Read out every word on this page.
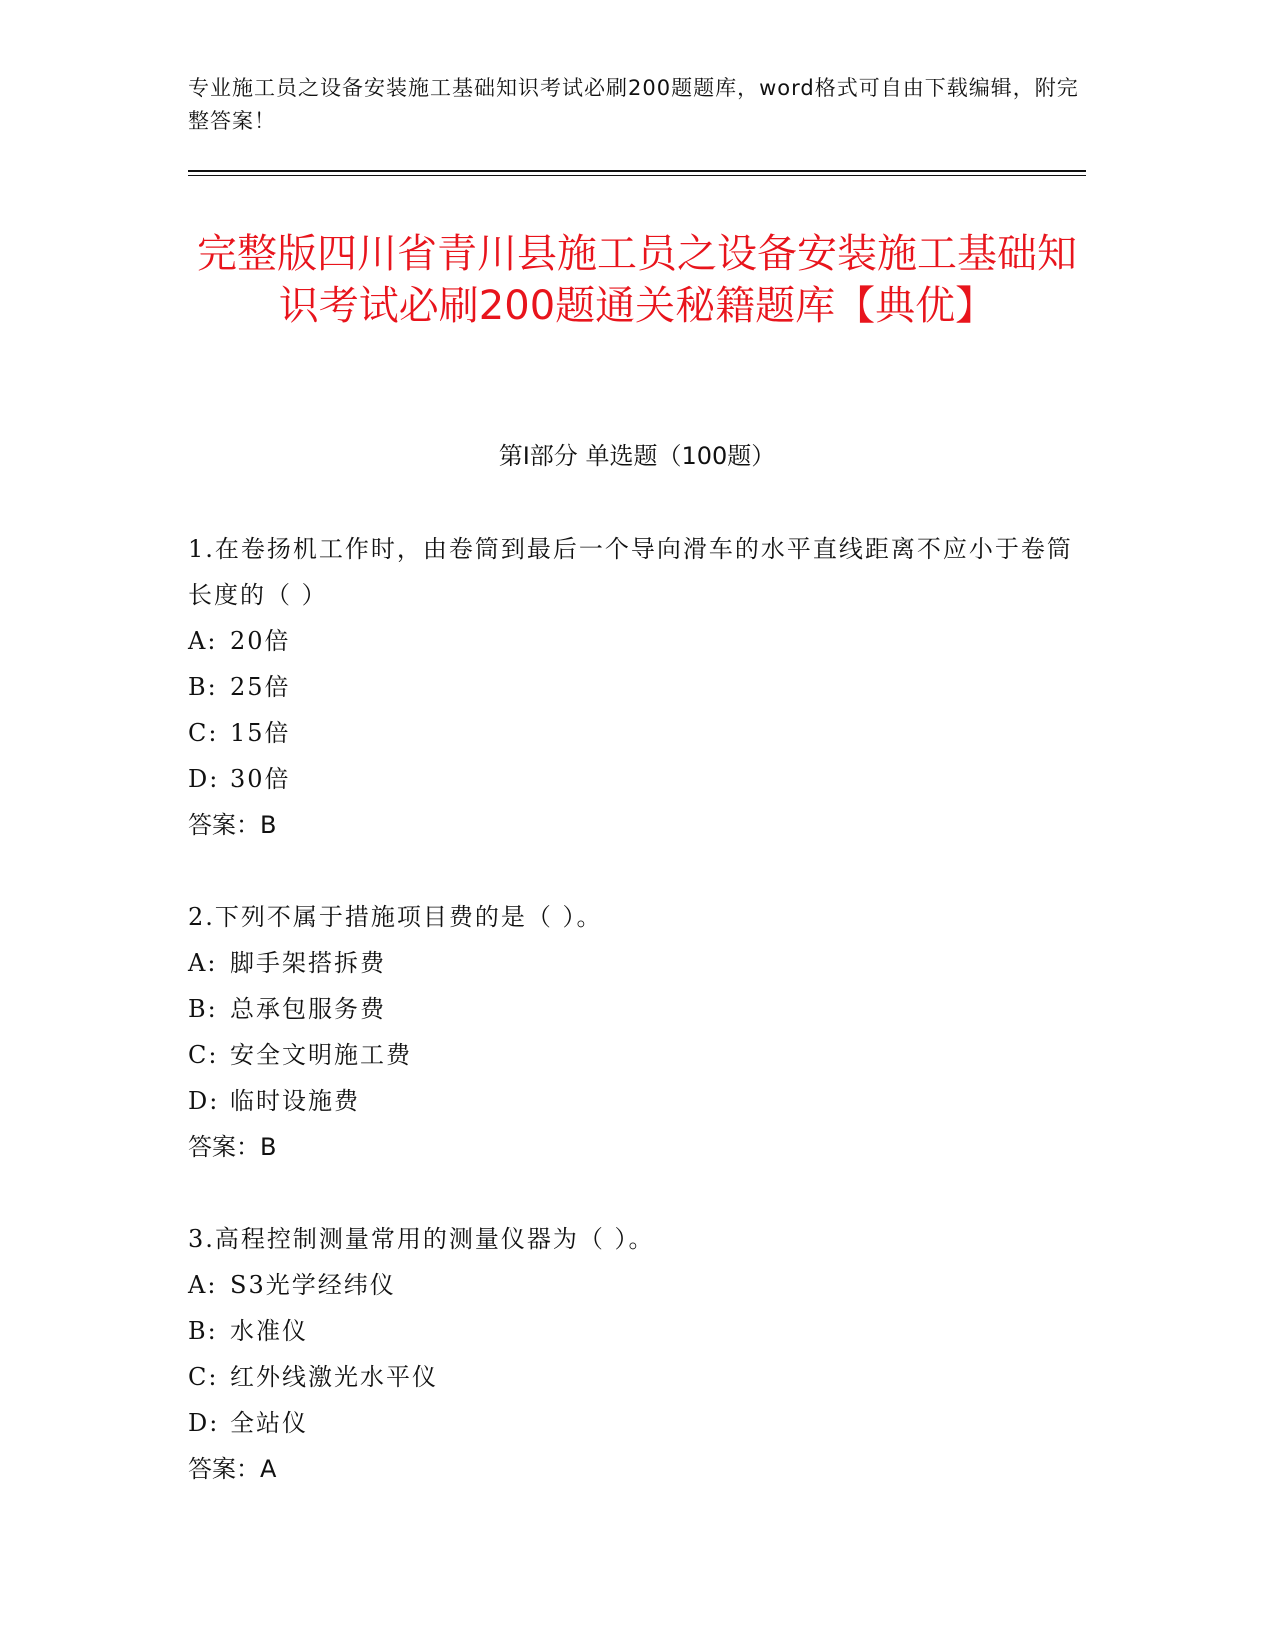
专业施工员之设备安装施工基础知识考试必刷200题题库，word格式可自由下载编辑，附完整答案！
完整版四川省青川县施工员之设备安装施工基础知识考试必刷200题通关秘籍题库【典优】
第I部分 单选题（100题）
1.在卷扬机工作时，由卷筒到最后一个导向滑车的水平直线距离不应小于卷筒长度的（ ）
A: 20倍
B: 25倍
C: 15倍
D: 30倍
答案：B
2.下列不属于措施项目费的是（ ）。
A: 脚手架搭拆费
B: 总承包服务费
C: 安全文明施工费
D: 临时设施费
答案：B
3.高程控制测量常用的测量仪器为（ ）。
A: S3光学经纬仪
B: 水准仪
C: 红外线激光水平仪
D: 全站仪
答案：A
